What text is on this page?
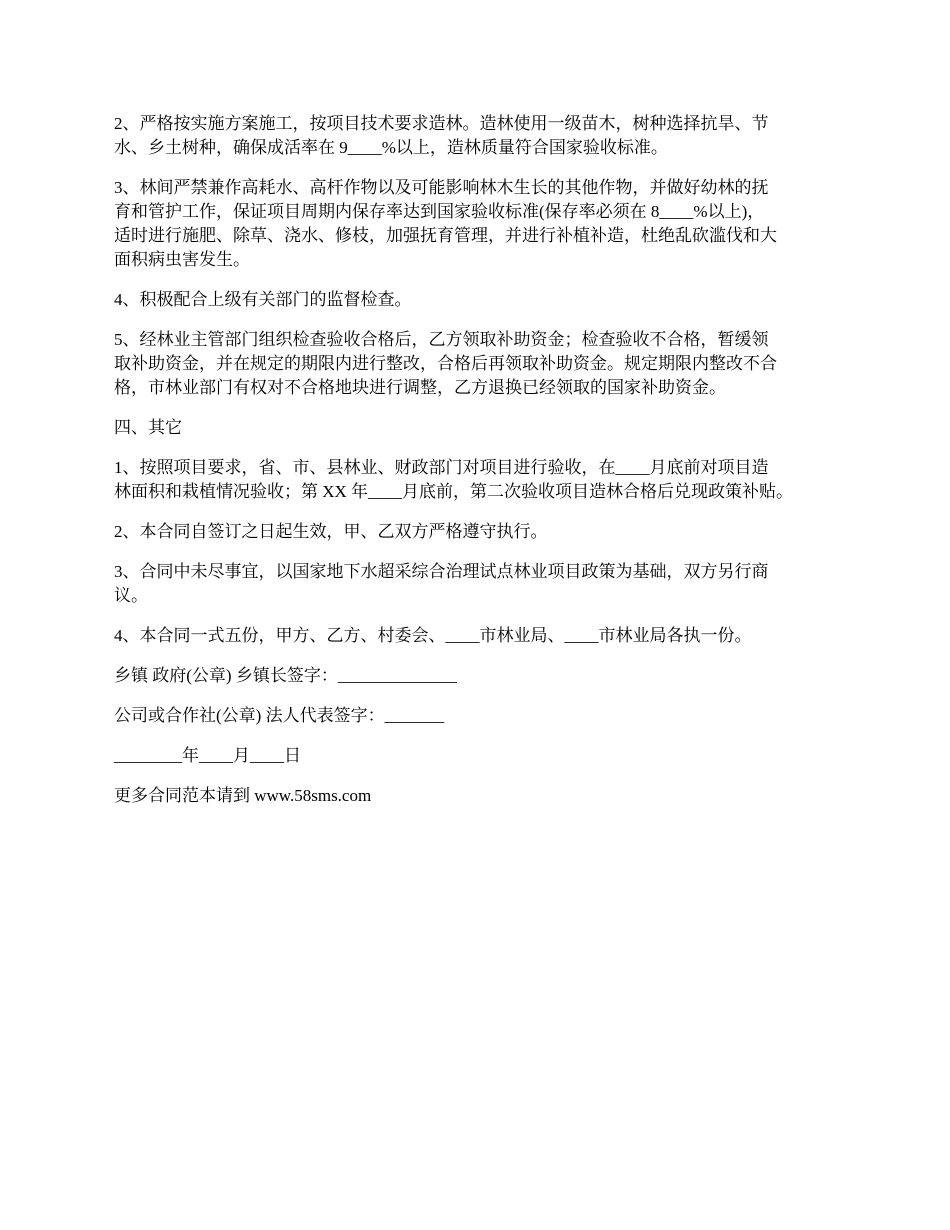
2、严格按实施方案施工，按项目技术要求造林。造林使用一级苗木，树种选择抗旱、节
水、乡土树种，确保成活率在 9____%以上，造林质量符合国家验收标准。

3、林间严禁兼作高耗水、高杆作物以及可能影响林木生长的其他作物，并做好幼林的抚
育和管护工作，保证项目周期内保存率达到国家验收标准(保存率必须在 8____%以上)，
适时进行施肥、除草、浇水、修枝，加强抚育管理，并进行补植补造，杜绝乱砍滥伐和大
面积病虫害发生。

4、积极配合上级有关部门的监督检查。

5、经林业主管部门组织检查验收合格后，乙方领取补助资金；检查验收不合格，暂缓领
取补助资金，并在规定的期限内进行整改，合格后再领取补助资金。规定期限内整改不合
格，市林业部门有权对不合格地块进行调整，乙方退换已经领取的国家补助资金。

四、其它

1、按照项目要求，省、市、县林业、财政部门对项目进行验收，在____月底前对项目造
林面积和栽植情况验收；第 XX 年____月底前，第二次验收项目造林合格后兑现政策补贴。

2、本合同自签订之日起生效，甲、乙双方严格遵守执行。

3、合同中未尽事宜，以国家地下水超采综合治理试点林业项目政策为基础，双方另行商
议。

4、本合同一式五份，甲方、乙方、村委会、____市林业局、____市林业局各执一份。

乡镇 政府(公章) 乡镇长签字：______________

公司或合作社(公章) 法人代表签字：_______

________年____月____日

更多合同范本请到 www.58sms.com
